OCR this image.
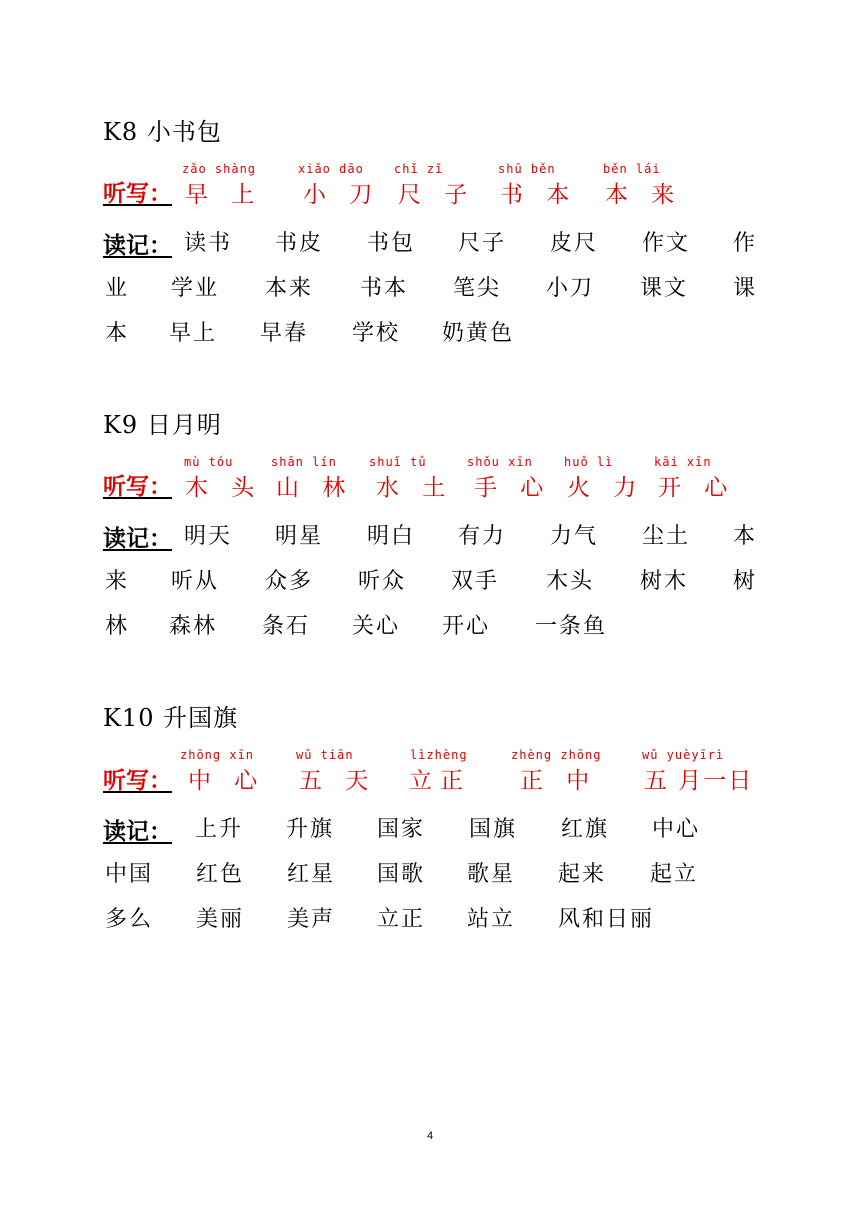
K8 小书包
听写：
zǎo shàng
早 上
xiǎo dāo
小 刀
chǐ zǐ
尺 子
shū běn
书 本
běn lái
本 来
读记： 读书 书皮 书包 尺子 皮尺 作文 作
业 学业 本来 书本 笔尖 小刀 课文 课
本 早上 早春 学校 奶黄色
K9 日月明
听写：
mù tóu
木 头
shān lín
山 林
shuǐ tǔ
水 土
shǒu xīn
手 心
huǒ lì
火 力
kāi xīn
开 心
读记： 明天 明星 明白 有力 力气 尘土 本
来 听从 众多 听众 双手 木头 树木 树
林 森林 条石 关心 开心 一条鱼
K10 升国旗
听写：
zhōng xīn
中 心
wǔ tiān
五 天
lìzhèng
立正
zhèng zhōng
正 中
wǔ yuèyīrì
五 月一日
读记： 上升 升旗 国家 国旗 红旗 中心
中国 红色 红星 国歌 歌星 起来 起立
多么 美丽 美声 立正 站立 风和日丽
4
